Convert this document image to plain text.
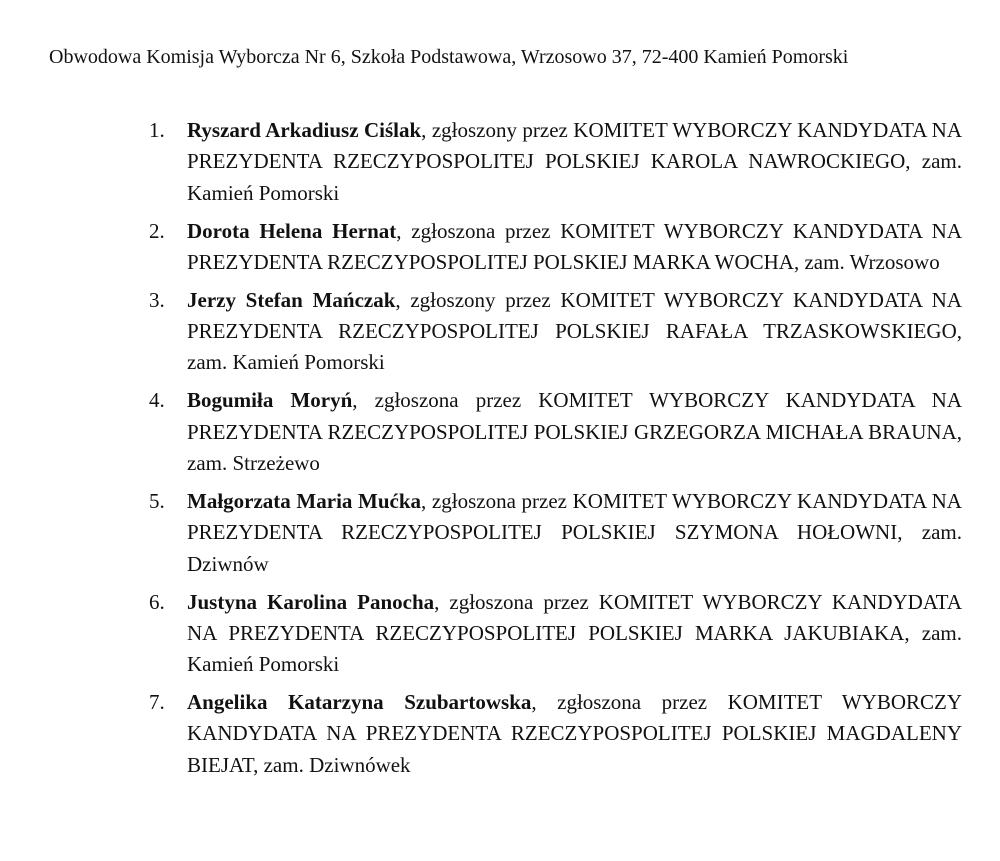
Obwodowa Komisja Wyborcza Nr 6, Szkoła Podstawowa, Wrzosowo 37, 72-400 Kamień Pomorski
1. Ryszard Arkadiusz Ciślak, zgłoszony przez KOMITET WYBORCZY KANDYDATA NA PREZYDENTA RZECZYPOSPOLITEJ POLSKIEJ KAROLA NAWROCKIEGO, zam. Kamień Pomorski
2. Dorota Helena Hernat, zgłoszona przez KOMITET WYBORCZY KANDYDATA NA PREZYDENTA RZECZYPOSPOLITEJ POLSKIEJ MARKA WOCHA, zam. Wrzosowo
3. Jerzy Stefan Mańczak, zgłoszony przez KOMITET WYBORCZY KANDYDATA NA PREZYDENTA RZECZYPOSPOLITEJ POLSKIEJ RAFAŁA TRZASKOWSKIEGO, zam. Kamień Pomorski
4. Bogumiła Moryń, zgłoszona przez KOMITET WYBORCZY KANDYDATA NA PREZYDENTA RZECZYPOSPOLITEJ POLSKIEJ GRZEGORZA MICHAŁA BRAUNA, zam. Strzeżewo
5. Małgorzata Maria Mućka, zgłoszona przez KOMITET WYBORCZY KANDYDATA NA PREZYDENTA RZECZYPOSPOLITEJ POLSKIEJ SZYMONA HOŁOWNI, zam. Dziwnów
6. Justyna Karolina Panocha, zgłoszona przez KOMITET WYBORCZY KANDYDATA NA PREZYDENTA RZECZYPOSPOLITEJ POLSKIEJ MARKA JAKUBIAKA, zam. Kamień Pomorski
7. Angelika Katarzyna Szubartowska, zgłoszona przez KOMITET WYBORCZY KANDYDATA NA PREZYDENTA RZECZYPOSPOLITEJ POLSKIEJ MAGDALENY BIEJAT, zam. Dziwnówek
